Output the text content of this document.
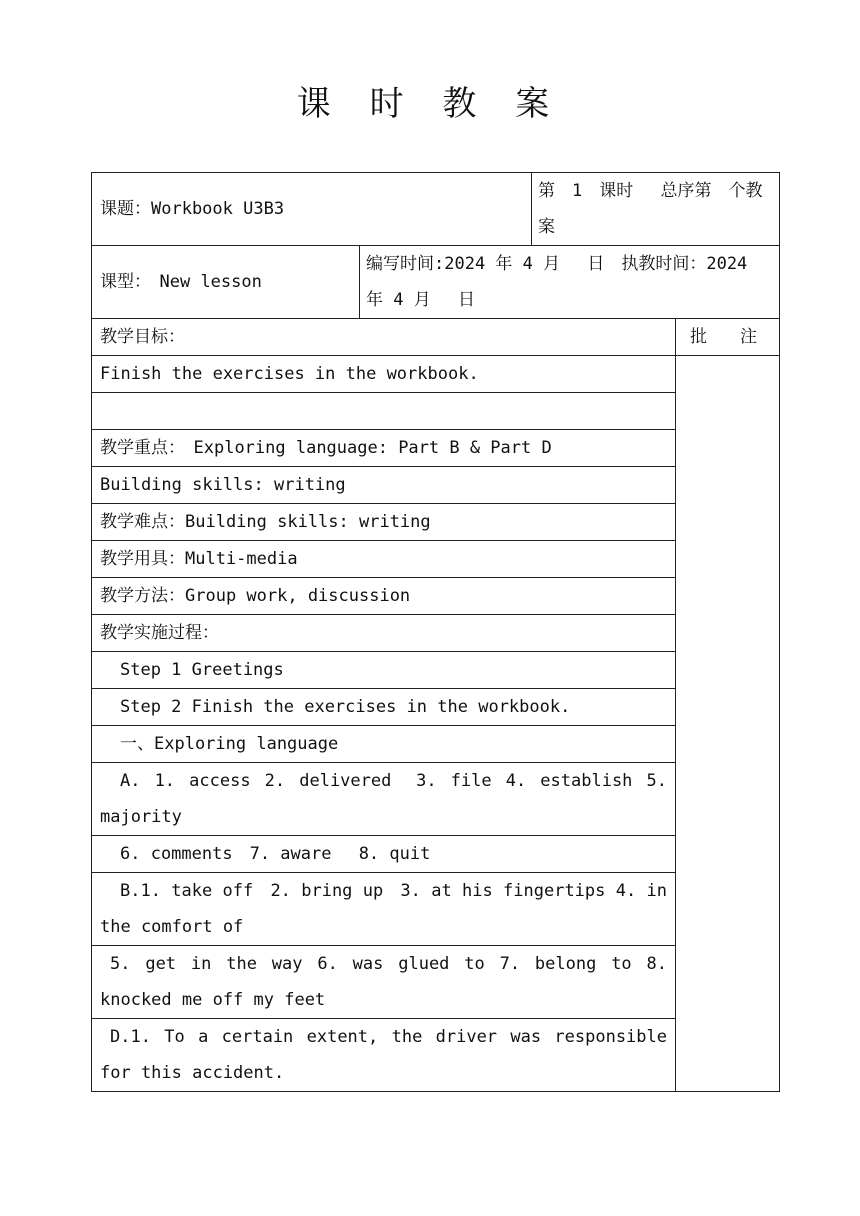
课 时 教 案
课题：Workbook U3B3	第　1　课时　 总序第　个教案
课型：　New lesson	编写时间:2024 年 4 月　 日　执教时间：2024 年 4 月　 日
教学目标：	批　注
Finish the exercises in the workbook.	

教学重点：　Exploring language: Part B & Part D	
Building skills: writing	
教学难点：Building skills: writing	
教学用具：Multi-media	
教学方法：Group work, discussion	
教学实施过程：	
Step 1 Greetings	
Step 2 Finish the exercises in the workbook.	
一、Exploring language	
A. 1. access 2. delivered　3. file 4. establish 5. majority	
6. comments　7. aware　 8. quit	
B.1. take off　2. bring up　3. at his fingertips 4. in the comfort of	
5. get in the way 6. was glued to 7. belong to 8. knocked me off my feet	
D.1. To a certain extent, the driver was responsible for this accident.	
